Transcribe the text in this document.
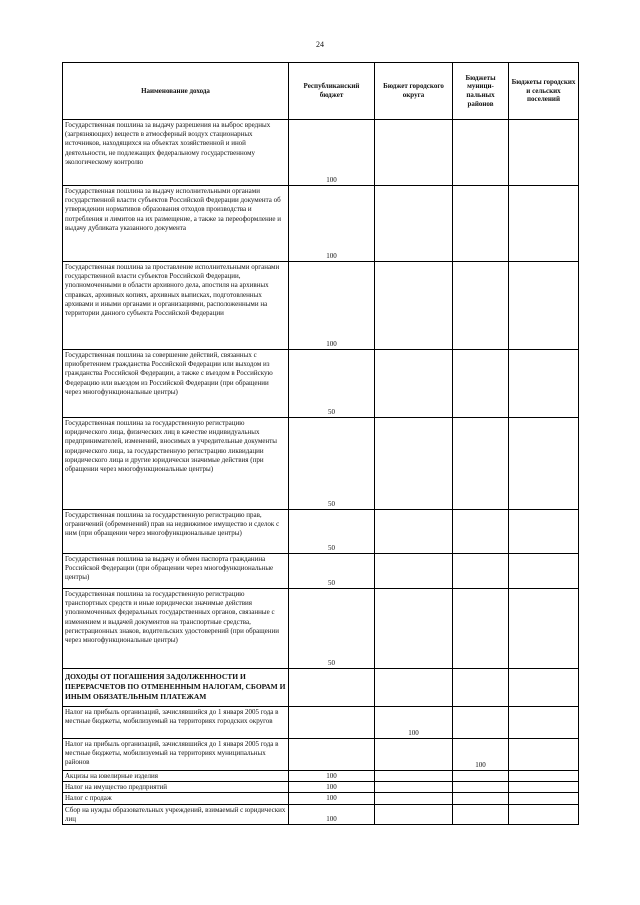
24
Наименование дохода	Республиканский бюджет	Бюджет городского округа	Бюджеты муници-пальных районов	Бюджеты городских и сельских поселений
Государственная пошлина за выдачу разрешения на выброс вредных (загрязняющих) веществ в атмосферный воздух стационарных источников, находящихся на объектах хозяйственной и иной деятельности, не подлежащих федеральному государственному экологическому контролю	100			
Государственная пошлина за выдачу исполнительными органами государственной власти субъектов Российской Федерации документа об утверждении нормативов образования отходов производства и потребления и лимитов на их размещение, а также за переоформление и выдачу дубликата указанного документа	100			
Государственная пошлина за проставление исполнительными органами государственной власти субъектов Российской Федерации, уполномоченными в области архивного дела, апостиля на архивных справках, архивных копиях, архивных выписках, подготовленных архивами и иными органами и организациями, расположенными на территории данного субъекта Российской Федерации	100			
Государственная пошлина за совершение действий, связанных с приобретением гражданства Российской Федерации или выходом из гражданства Российской Федерации, а также с въездом в Российскую Федерацию или выездом из Российской Федерации (при обращении через многофункциональные центры)	50			
Государственная пошлина за государственную регистрацию юридического лица, физических лиц в качестве индивидуальных предпринимателей, изменений, вносимых в учредительные документы юридического лица, за государственную регистрацию ликвидации юридического лица и другие юридически значимые действия (при обращении через многофункциональные центры)	50			
Государственная пошлина за государственную регистрацию прав, ограничений (обременений) прав на недвижимое имущество и сделок с ним (при обращении через многофункциональные центры)	50			
Государственная пошлина за выдачу и обмен паспорта гражданина Российской Федерации (при обращении через многофункциональные центры)	50			
Государственная пошлина за государственную регистрацию транспортных средств и иные юридически значимые действия уполномоченных федеральных государственных органов, связанные с изменением и выдачей документов на транспортные средства, регистрационных знаков, водительских удостоверений (при обращении через многофункциональные центры)	50			
ДОХОДЫ ОТ ПОГАШЕНИЯ ЗАДОЛЖЕННОСТИ И ПЕРЕРАСЧЕТОВ ПО ОТМЕНЕННЫМ НАЛОГАМ, СБОРАМ И ИНЫМ ОБЯЗАТЕЛЬНЫМ ПЛАТЕЖАМ				
Налог на прибыль организаций, зачислявшийся до 1 января 2005 года в местные бюджеты, мобилизуемый на территориях городских округов		100		
Налог на прибыль организаций, зачислявшийся до 1 января 2005 года в местные бюджеты, мобилизуемый на территориях муниципальных районов			100	
Акцизы на ювелирные изделия	100			
Налог на имущество предприятий	100			
Налог с продаж	100			
Сбор на нужды образовательных учреждений, взимаемый с юридических лиц	100			
